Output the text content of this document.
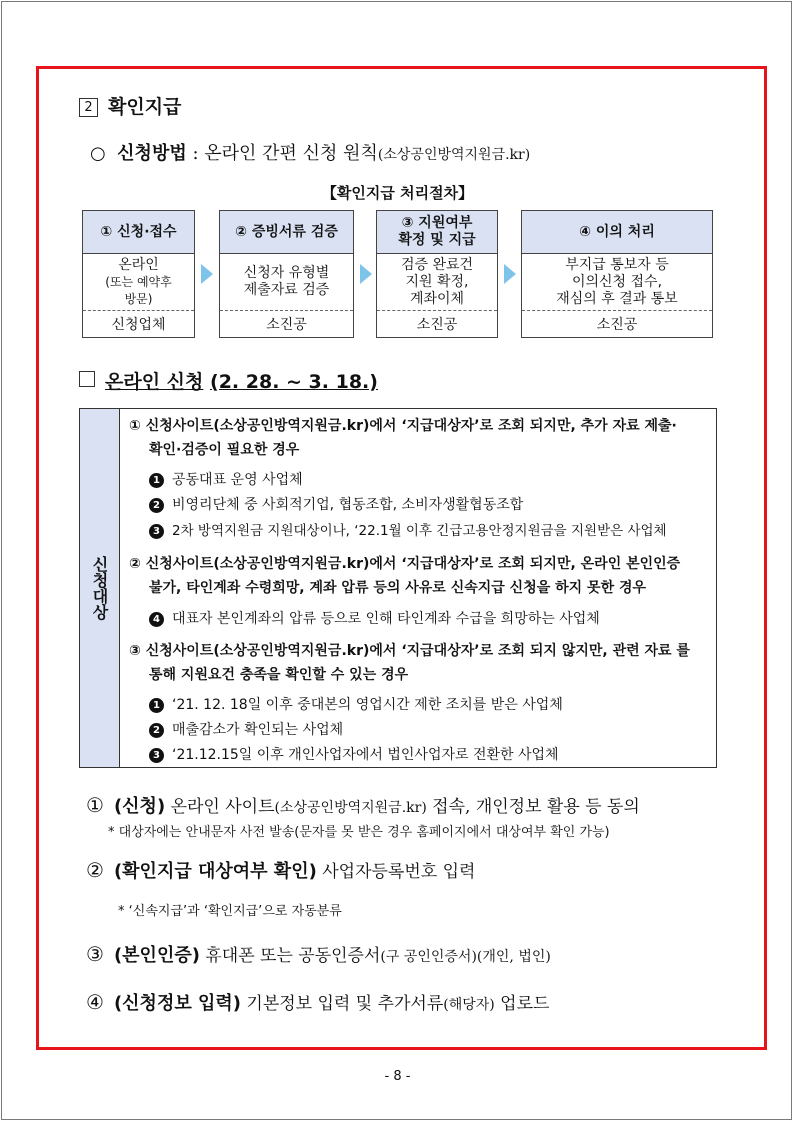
2 확인지급
○ 신청방법 : 온라인 간편 신청 원칙(소상공인방역지원금.kr)
【확인지급 처리절차】
① 신청·접수
온라인
(또는 예약후
방문)
신청업체
② 증빙서류 검증
신청자 유형별
제출자료 검증
소진공
③ 지원여부
확정 및 지급
검증 완료건
지원 확정,
계좌이체
소진공
④ 이의 처리
부지급 통보자 등
이의신청 접수,
재심의 후 결과 통보
소진공
온라인 신청 (2. 28. ~ 3. 18.)
신청대상
① 신청사이트(소상공인방역지원금.kr)에서 ‘지급대상자’로 조회 되지만, 추가 자료 제출·
확인·검증이 필요한 경우
1 공동대표 운영 사업체
2 비영리단체 중 사회적기업, 협동조합, 소비자생활협동조합
3 2차 방역지원금 지원대상이나, ‘22.1월 이후 긴급고용안정지원금을 지원받은 사업체
② 신청사이트(소상공인방역지원금.kr)에서 ‘지급대상자’로 조회 되지만, 온라인 본인인증
불가, 타인계좌 수령희망, 계좌 압류 등의 사유로 신속지급 신청을 하지 못한 경우
4 대표자 본인계좌의 압류 등으로 인해 타인계좌 수급을 희망하는 사업체
③ 신청사이트(소상공인방역지원금.kr)에서 ‘지급대상자’로 조회 되지 않지만, 관련 자료 를
통해 지원요건 충족을 확인할 수 있는 경우
1 ‘21. 12. 18일 이후 중대본의 영업시간 제한 조치를 받은 사업체
2 매출감소가 확인되는 사업체
3 ‘21.12.15일 이후 개인사업자에서 법인사업자로 전환한 사업체
① (신청) 온라인 사이트(소상공인방역지원금.kr) 접속, 개인정보 활용 등 동의
* 대상자에는 안내문자 사전 발송(문자를 못 받은 경우 홈페이지에서 대상여부 확인 가능)
② (확인지급 대상여부 확인) 사업자등록번호 입력
* ‘신속지급’과 ‘확인지급’으로 자동분류
③ (본인인증) 휴대폰 또는 공동인증서(구 공인인증서)(개인, 법인)
④ (신청정보 입력) 기본정보 입력 및 추가서류(해당자) 업로드
- 8 -
